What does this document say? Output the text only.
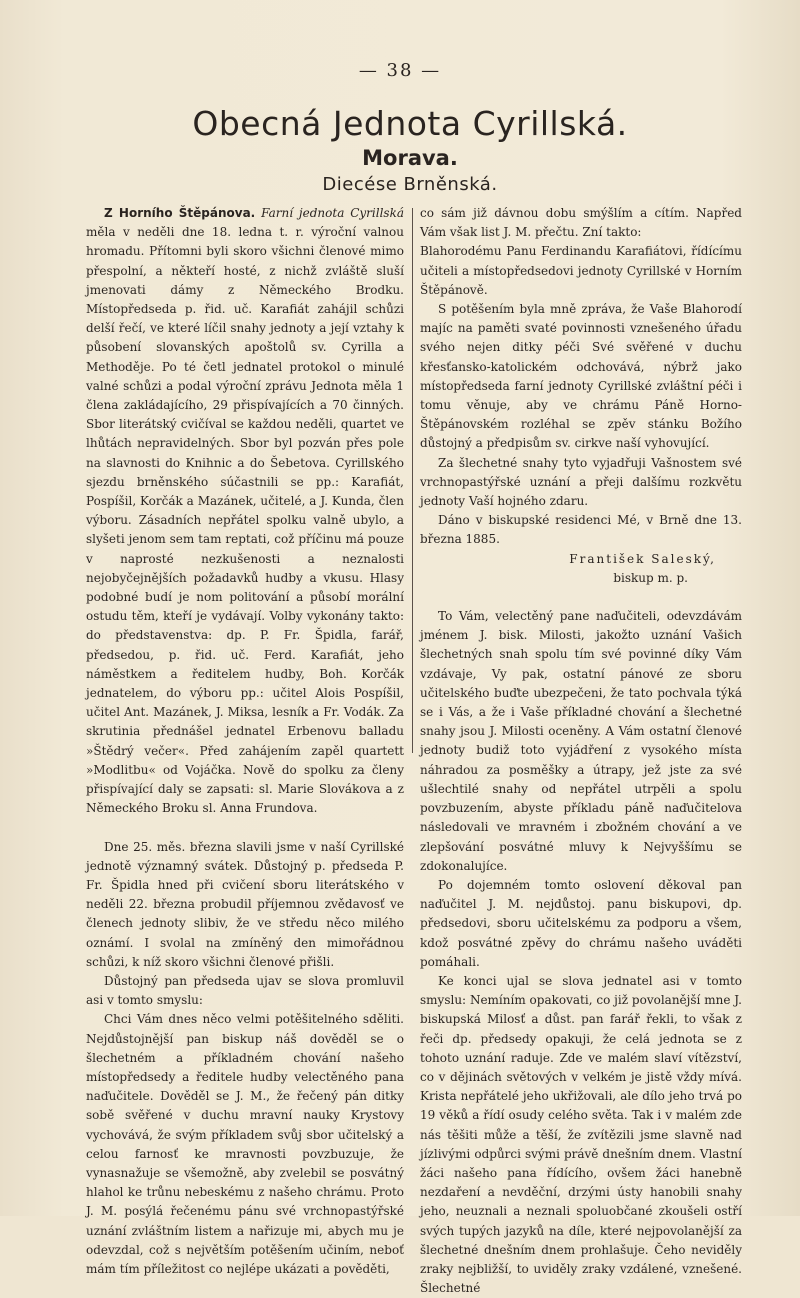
— 38 —
Obecná Jednota Cyrillská.
Morava.
Diecése Brněnská.

Z Horního Štěpánova. Farní jednota Cyrillská měla v neděli dne 18. ledna t. r. výroční valnou hromadu. Přítomni byli skoro všichni členové mimo přespolní, a někteří hosté, z nichž zvláště sluší jmenovati dámy z Německého Brodku. Místopředseda p. řid. uč. Karafiát zahájil schůzi delší řečí, ve které líčil snahy jednoty a její vztahy k působení slovanských apoštolů sv. Cyrilla a Methoděje. Po té četl jednatel protokol o minulé valné schůzi a podal výroční zprávu Jednota měla 1 člena zakládajícího, 29 přispívajících a 70 činných. Sbor literátský cvičíval se každou neděli, quartet ve lhůtách nepravidelných. Sbor byl pozván přes pole na slavnosti do Knihnic a do Šebetova. Cyrillského sjezdu brněnského súčastnili se pp.: Karafiát, Pospíšil, Korčák a Mazánek, učitelé, a J. Kunda, člen výboru. Zásadních nepřátel spolku valně ubylo, a slyšeti jenom sem tam reptati, což příčinu má pouze v naprosté nezkušenosti a neznalosti nejobyčejnějších požadavků hudby a vkusu. Hlasy podobné budí je nom politování a působí morální ostudu těm, kteří je vydávají. Volby vykonány takto: do představenstva: dp. P. Fr. Špidla, farář, předsedou, p. řid. uč. Ferd. Karafiát, jeho náměstkem a ředitelem hudby, Boh. Korčák jednatelem, do výboru pp.: učitel Alois Pospíšil, učitel Ant. Mazánek, J. Miksa, lesník a Fr. Vodák. Za skrutinia přednášel jednatel Erbenovu balladu »Štědrý večer«. Před zahájením zapěl quartett »Modlitbu« od Vojáčka. Nově do spolku za členy přispívající daly se zapsati: sl. Marie Slovákova a z Německého Broku sl. Anna Frundova.

Dne 25. měs. března slavili jsme v naší Cyrillské jednotě významný svátek. Důstojný p. předseda P. Fr. Špidla hned při cvičení sboru literátského v neděli 22. března probudil příjemnou zvědavosť ve členech jednoty slibiv, že ve středu něco milého oznámí. I svolal na zmíněný den mimořádnou schůzi, k níž skoro všichni členové přišli.

Důstojný pan předseda ujav se slova promluvil asi v tomto smyslu:

Chci Vám dnes něco velmi potěšitelného sděliti. Nejdůstojnější pan biskup náš dověděl se o šlechetném a příkladném chování našeho místopředsedy a ředitele hudby velectěného pana naďučitele. Dověděl se J. M., že řečený pán ditky sobě svěřené v duchu mravní nauky Krystovy vychovává, že svým příkladem svůj sbor učitelský a celou farnosť ke mravnosti povzbuzuje, že vynasnažuje se všemožně, aby zvelebil se posvátný hlahol ke trůnu nebeskému z našeho chrámu. Proto J. M. posýlá řečenému pánu své vrchnopastýřské uznání zvláštním listem a nařizuje mi, abych mu je odevzdal, což s největším potěšením učiním, neboť mám tím příležitost co nejlépe ukázati a pověděti,

co sám již dávnou dobu smýšlím a cítím. Napřed Vám však list J. M. přečtu. Zní takto:

Blahorodému Panu Ferdinandu Karafiátovi, řídícímu učiteli a místopředsedovi jednoty Cyrillské v Horním Štěpánově.

S potěšením byla mně zpráva, že Vaše Blahorodí majíc na paměti svaté povinnosti vznešeného úřadu svého nejen ditky péči Své svěřené v duchu křesťansko-katolickém odchovává, nýbrž jako místopředseda farní jednoty Cyrillské zvláštní péči i tomu věnuje, aby ve chrámu Páně Horno-Štěpánovském rozléhal se zpěv stánku Božího důstojný a předpisům sv. cirkve naší vyhovující.

Za šlechetné snahy tyto vyjadřuji Vašnostem své vrchnopastýřské uznání a přeji dalšímu rozkvětu jednoty Vaší hojného zdaru.

Dáno v biskupské residenci Mé, v Brně dne 13. března 1885.

František Saleský,

biskup m. p.

To Vám, velectěný pane naďučiteli, odevzdávám jménem J. bisk. Milosti, jakožto uznání Vašich šlechetných snah spolu tím své povinné díky Vám vzdávaje, Vy pak, ostatní pánové ze sboru učitelského buďte ubezpečeni, že tato pochvala týká se i Vás, a že i Vaše příkladné chování a šlechetné snahy jsou J. Milosti oceněny. A Vám ostatní členové jednoty budiž toto vyjádření z vysokého místa náhradou za posměšky a útrapy, jež jste za své ušlechtilé snahy od nepřátel utrpěli a spolu povzbuzením, abyste příkladu páně naďučitelova následovali ve mravném i zbožném chování a ve zlepšování posvátné mluvy k Nejvyššímu se zdokonalujíce.

Po dojemném tomto oslovení děkoval pan naďučitel J. M. nejdůstoj. panu biskupovi, dp. předsedovi, sboru učitelskému za podporu a všem, kdož posvátné zpěvy do chrámu našeho uváděti pomáhali.

Ke konci ujal se slova jednatel asi v tomto smyslu: Nemíním opakovati, co již povolanější mne J. biskupská Milosť a důst. pan farář řekli, to však z řeči dp. předsedy opakuji, že celá jednota se z tohoto uznání raduje. Zde ve malém slaví vítězství, co v dějinách světových v velkém je jistě vždy mívá. Krista nepřátelé jeho ukřižovali, ale dílo jeho trvá po 19 věků a řídí osudy celého světa. Tak i v malém zde nás těšiti může a těší, že zvítězili jsme slavně nad jízlivými odpůrci svými právě dnešním dnem. Vlastní žáci našeho pana řídícího, ovšem žáci hanebně nezdaření a nevděční, drzými ústy hanobili snahy jeho, neuznali a neznali spoluobčané zkoušeli ostří svých tupých jazyků na díle, které nejpovolanější za šlechetné dnešním dnem prohlašuje. Čeho neviděly zraky nejbližší, to uviděly zraky vzdálené, vznešené. Šlechetné
